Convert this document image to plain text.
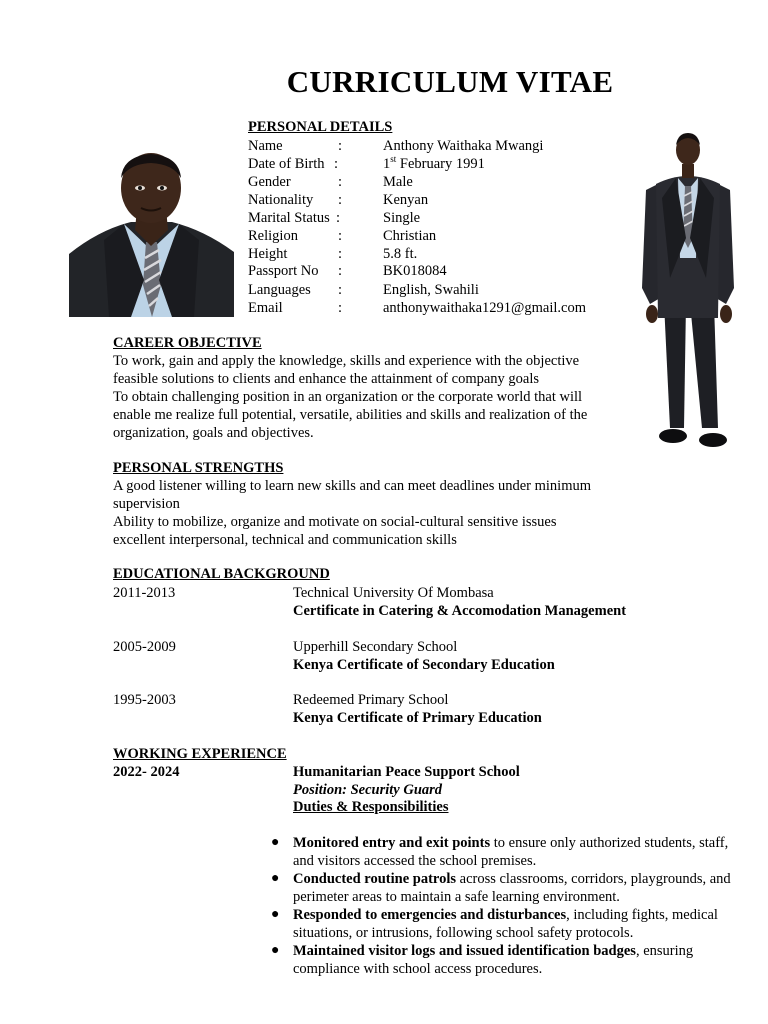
CURRICULUM VITAE
PERSONAL DETAILS
Name	:	Anthony Waithaka Mwangi
Date of Birth :	1st February 1991
Gender	:	Male
Nationality :	Kenyan
Marital Status :	Single
Religion	:	Christian
Height	:	5.8 ft.
Passport No :	BK018084
Languages :	English, Swahili
Email	:	anthonywaithaka1291@gmail.com
CAREER OBJECTIVE
To work, gain and apply the knowledge, skills and experience with the objective
feasible solutions to clients and enhance the attainment of company goals
To obtain challenging position in an organization or the corporate world that will
enable me realize full potential, versatile, abilities and skills and realization of the
organization, goals and objectives.
PERSONAL STRENGTHS
A good listener willing to learn new skills and can meet deadlines under minimum
supervision
Ability to mobilize, organize and motivate on social-cultural sensitive issues
excellent interpersonal, technical and communication skills
EDUCATIONAL BACKGROUND
2011-2013	Technical University Of Mombasa
Certificate in Catering & Accomodation Management
2005-2009	Upperhill Secondary School
Kenya Certificate of Secondary Education
1995-2003	Redeemed Primary School
Kenya Certificate of Primary Education
WORKING EXPERIENCE
2022- 2024	Humanitarian Peace Support School
Position: Security Guard
Duties & Responsibilities
● Monitored entry and exit points to ensure only authorized students, staff, and visitors accessed the school premises.
● Conducted routine patrols across classrooms, corridors, playgrounds, and perimeter areas to maintain a safe learning environment.
● Responded to emergencies and disturbances, including fights, medical situations, or intrusions, following school safety protocols.
● Maintained visitor logs and issued identification badges, ensuring compliance with school access procedures.
